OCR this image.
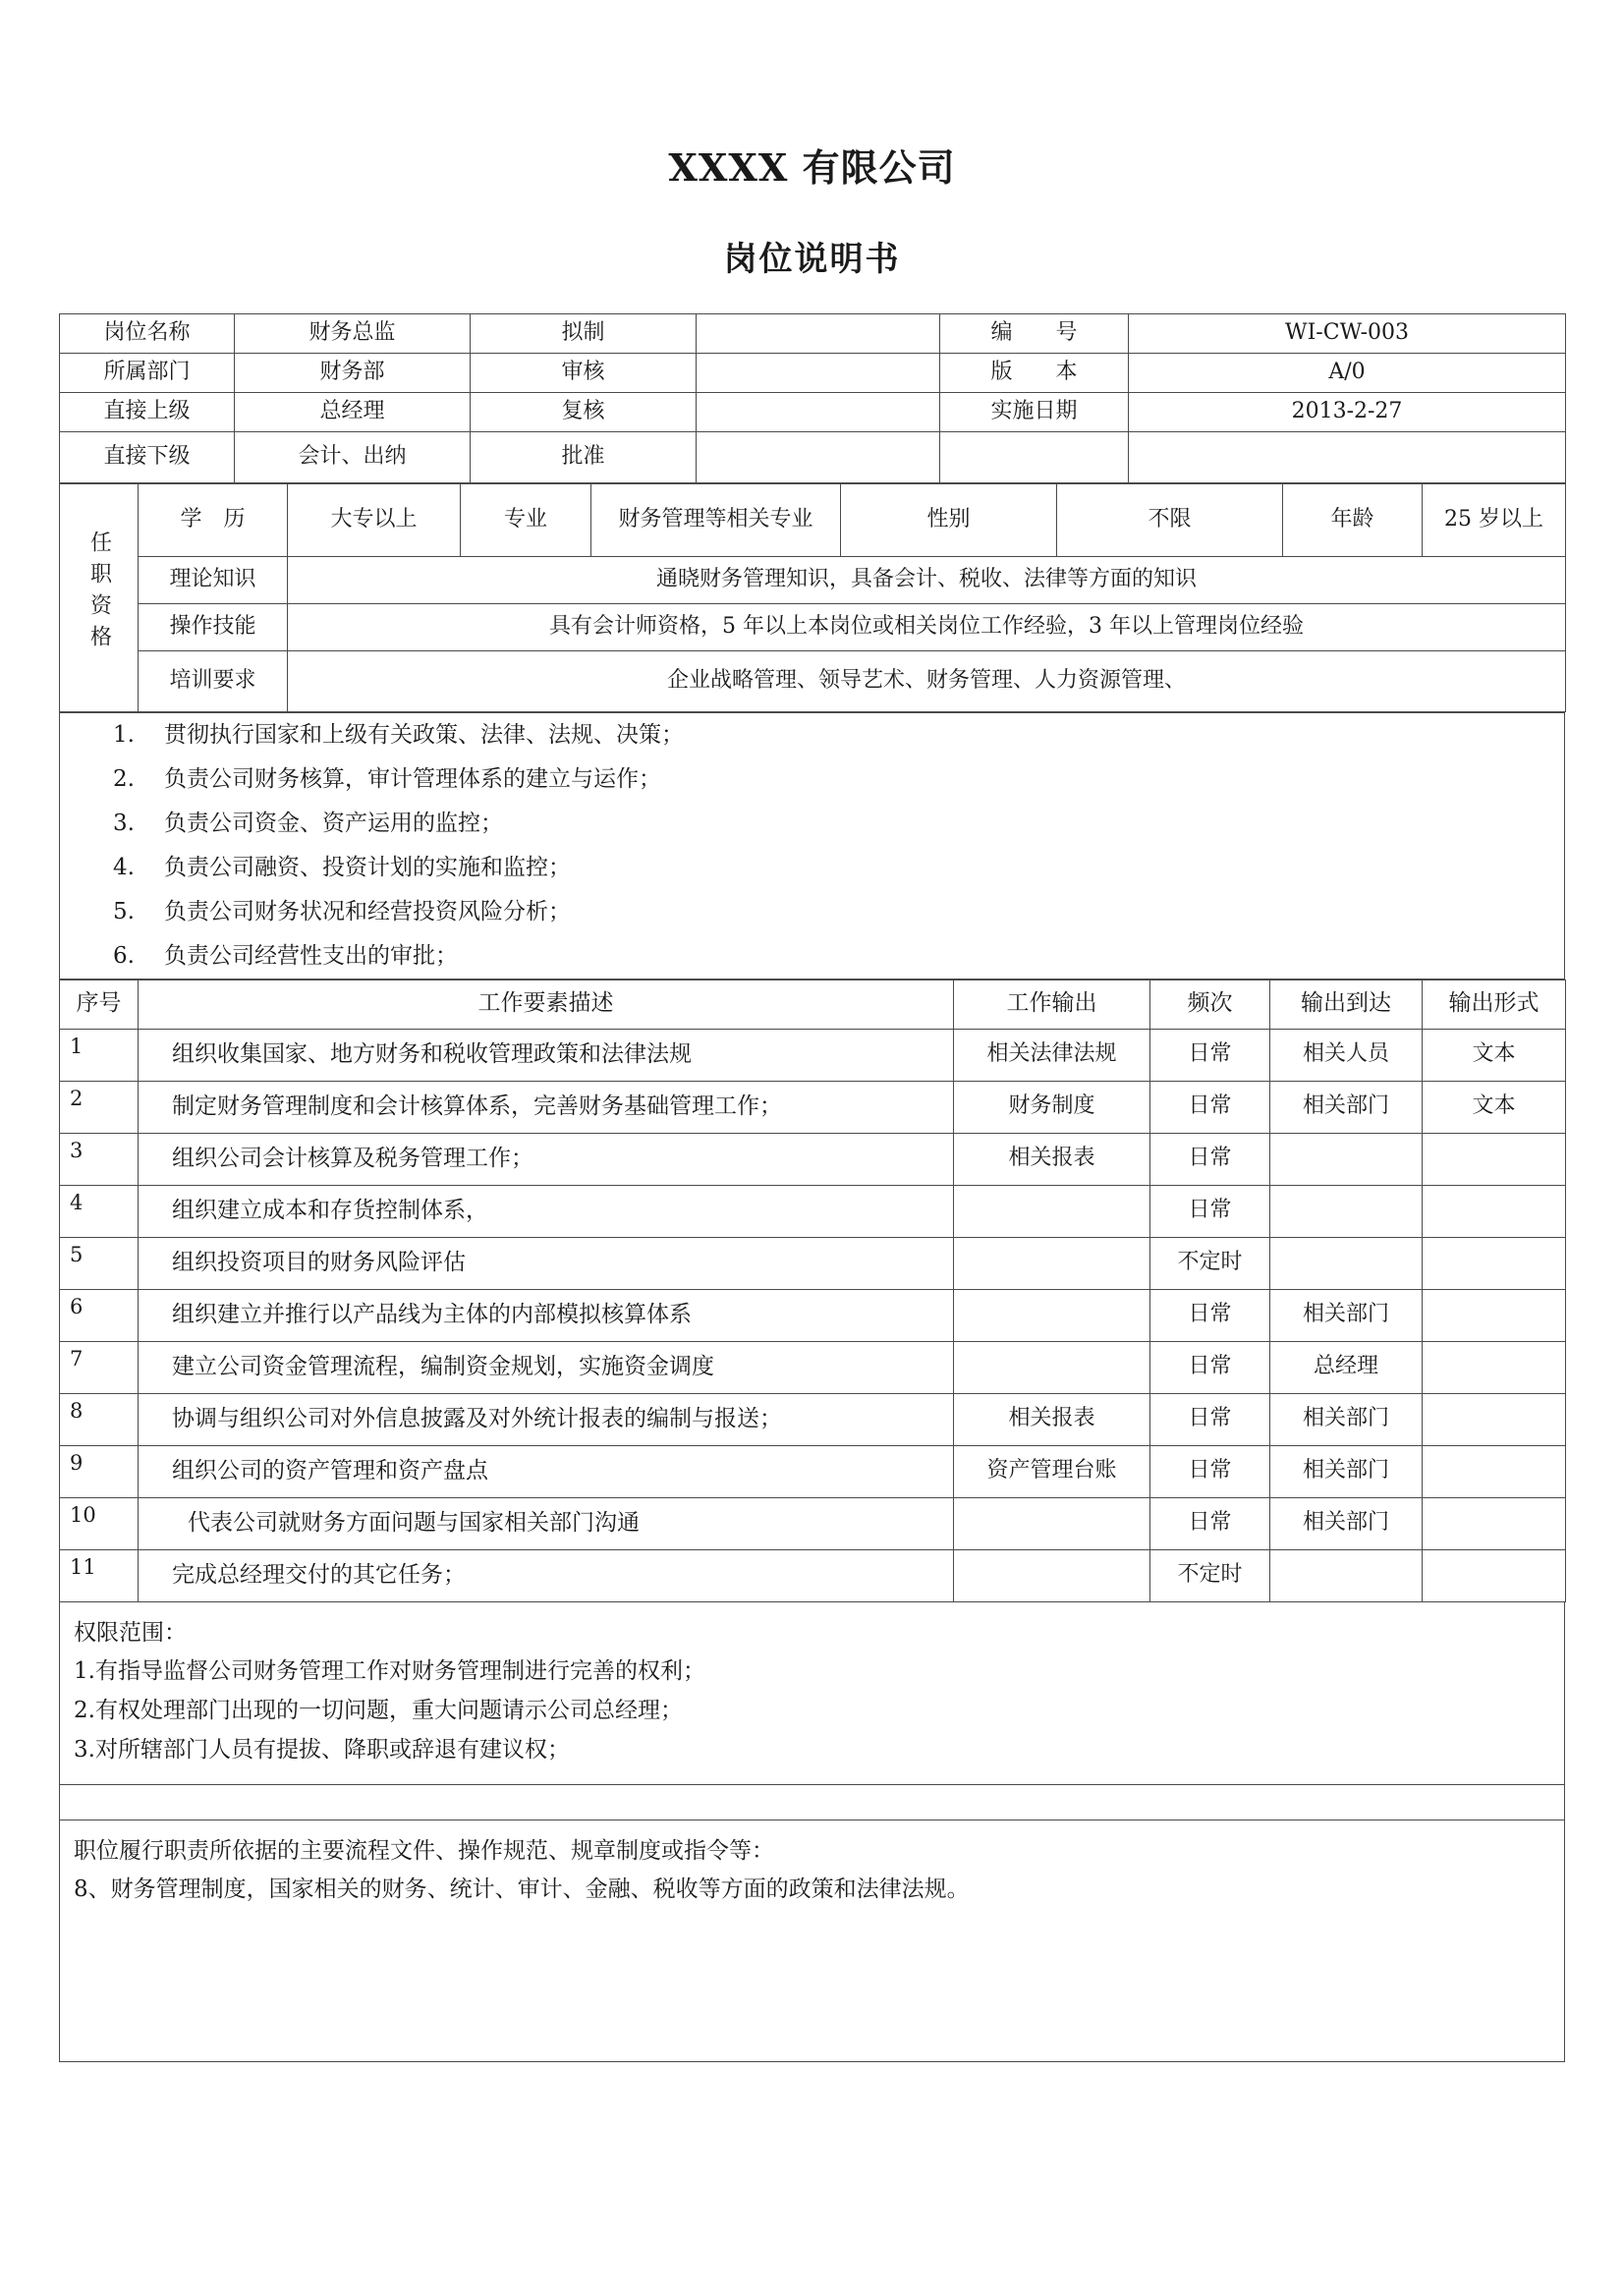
XXXX 有限公司
岗位说明书
岗位名称	财务总监	拟制		编　　号	WI-CW-003
所属部门	财务部	审核		版　　本	A/0
直接上级	总经理	复核		实施日期	2013-2-27
直接下级	会计、出纳	批准			
任职资格	学　历	大专以上	专业	财务管理等相关专业	性别	不限	年龄	25 岁以上
	理论知识	通晓财务管理知识，具备会计、税收、法律等方面的知识						
	操作技能	具有会计师资格，5 年以上本岗位或相关岗位工作经验，3 年以上管理岗位经验						
	培训要求	企业战略管理、领导艺术、财务管理、人力资源管理、						
贯彻执行国家和上级有关政策、法律、法规、决策；
负责公司财务核算，审计管理体系的建立与运作；
负责公司资金、资产运用的监控；
负责公司融资、投资计划的实施和监控；
负责公司财务状况和经营投资风险分析；
负责公司经营性支出的审批；
序号	工作要素描述	工作输出	频次	输出到达	输出形式
1	组织收集国家、地方财务和税收管理政策和法律法规	相关法律法规	日常	相关人员	文本
2	制定财务管理制度和会计核算体系，完善财务基础管理工作；	财务制度	日常	相关部门	文本
3	组织公司会计核算及税务管理工作；	相关报表	日常		
4	组织建立成本和存货控制体系，		日常		
5	组织投资项目的财务风险评估		不定时		
6	组织建立并推行以产品线为主体的内部模拟核算体系		日常	相关部门	
7	建立公司资金管理流程，编制资金规划，实施资金调度		日常	总经理	
8	协调与组织公司对外信息披露及对外统计报表的编制与报送；	相关报表	日常	相关部门	
9	组织公司的资产管理和资产盘点	资产管理台账	日常	相关部门	
10	代表公司就财务方面问题与国家相关部门沟通		日常	相关部门	
11	完成总经理交付的其它任务；		不定时		

权限范围：

1.有指导监督公司财务管理工作对财务管理制进行完善的权利；

2.有权处理部门出现的一切问题，重大问题请示公司总经理；

3.对所辖部门人员有提拔、降职或辞退有建议权；

职位履行职责所依据的主要流程文件、操作规范、规章制度或指令等：

8、财务管理制度，国家相关的财务、统计、审计、金融、税收等方面的政策和法律法规。
